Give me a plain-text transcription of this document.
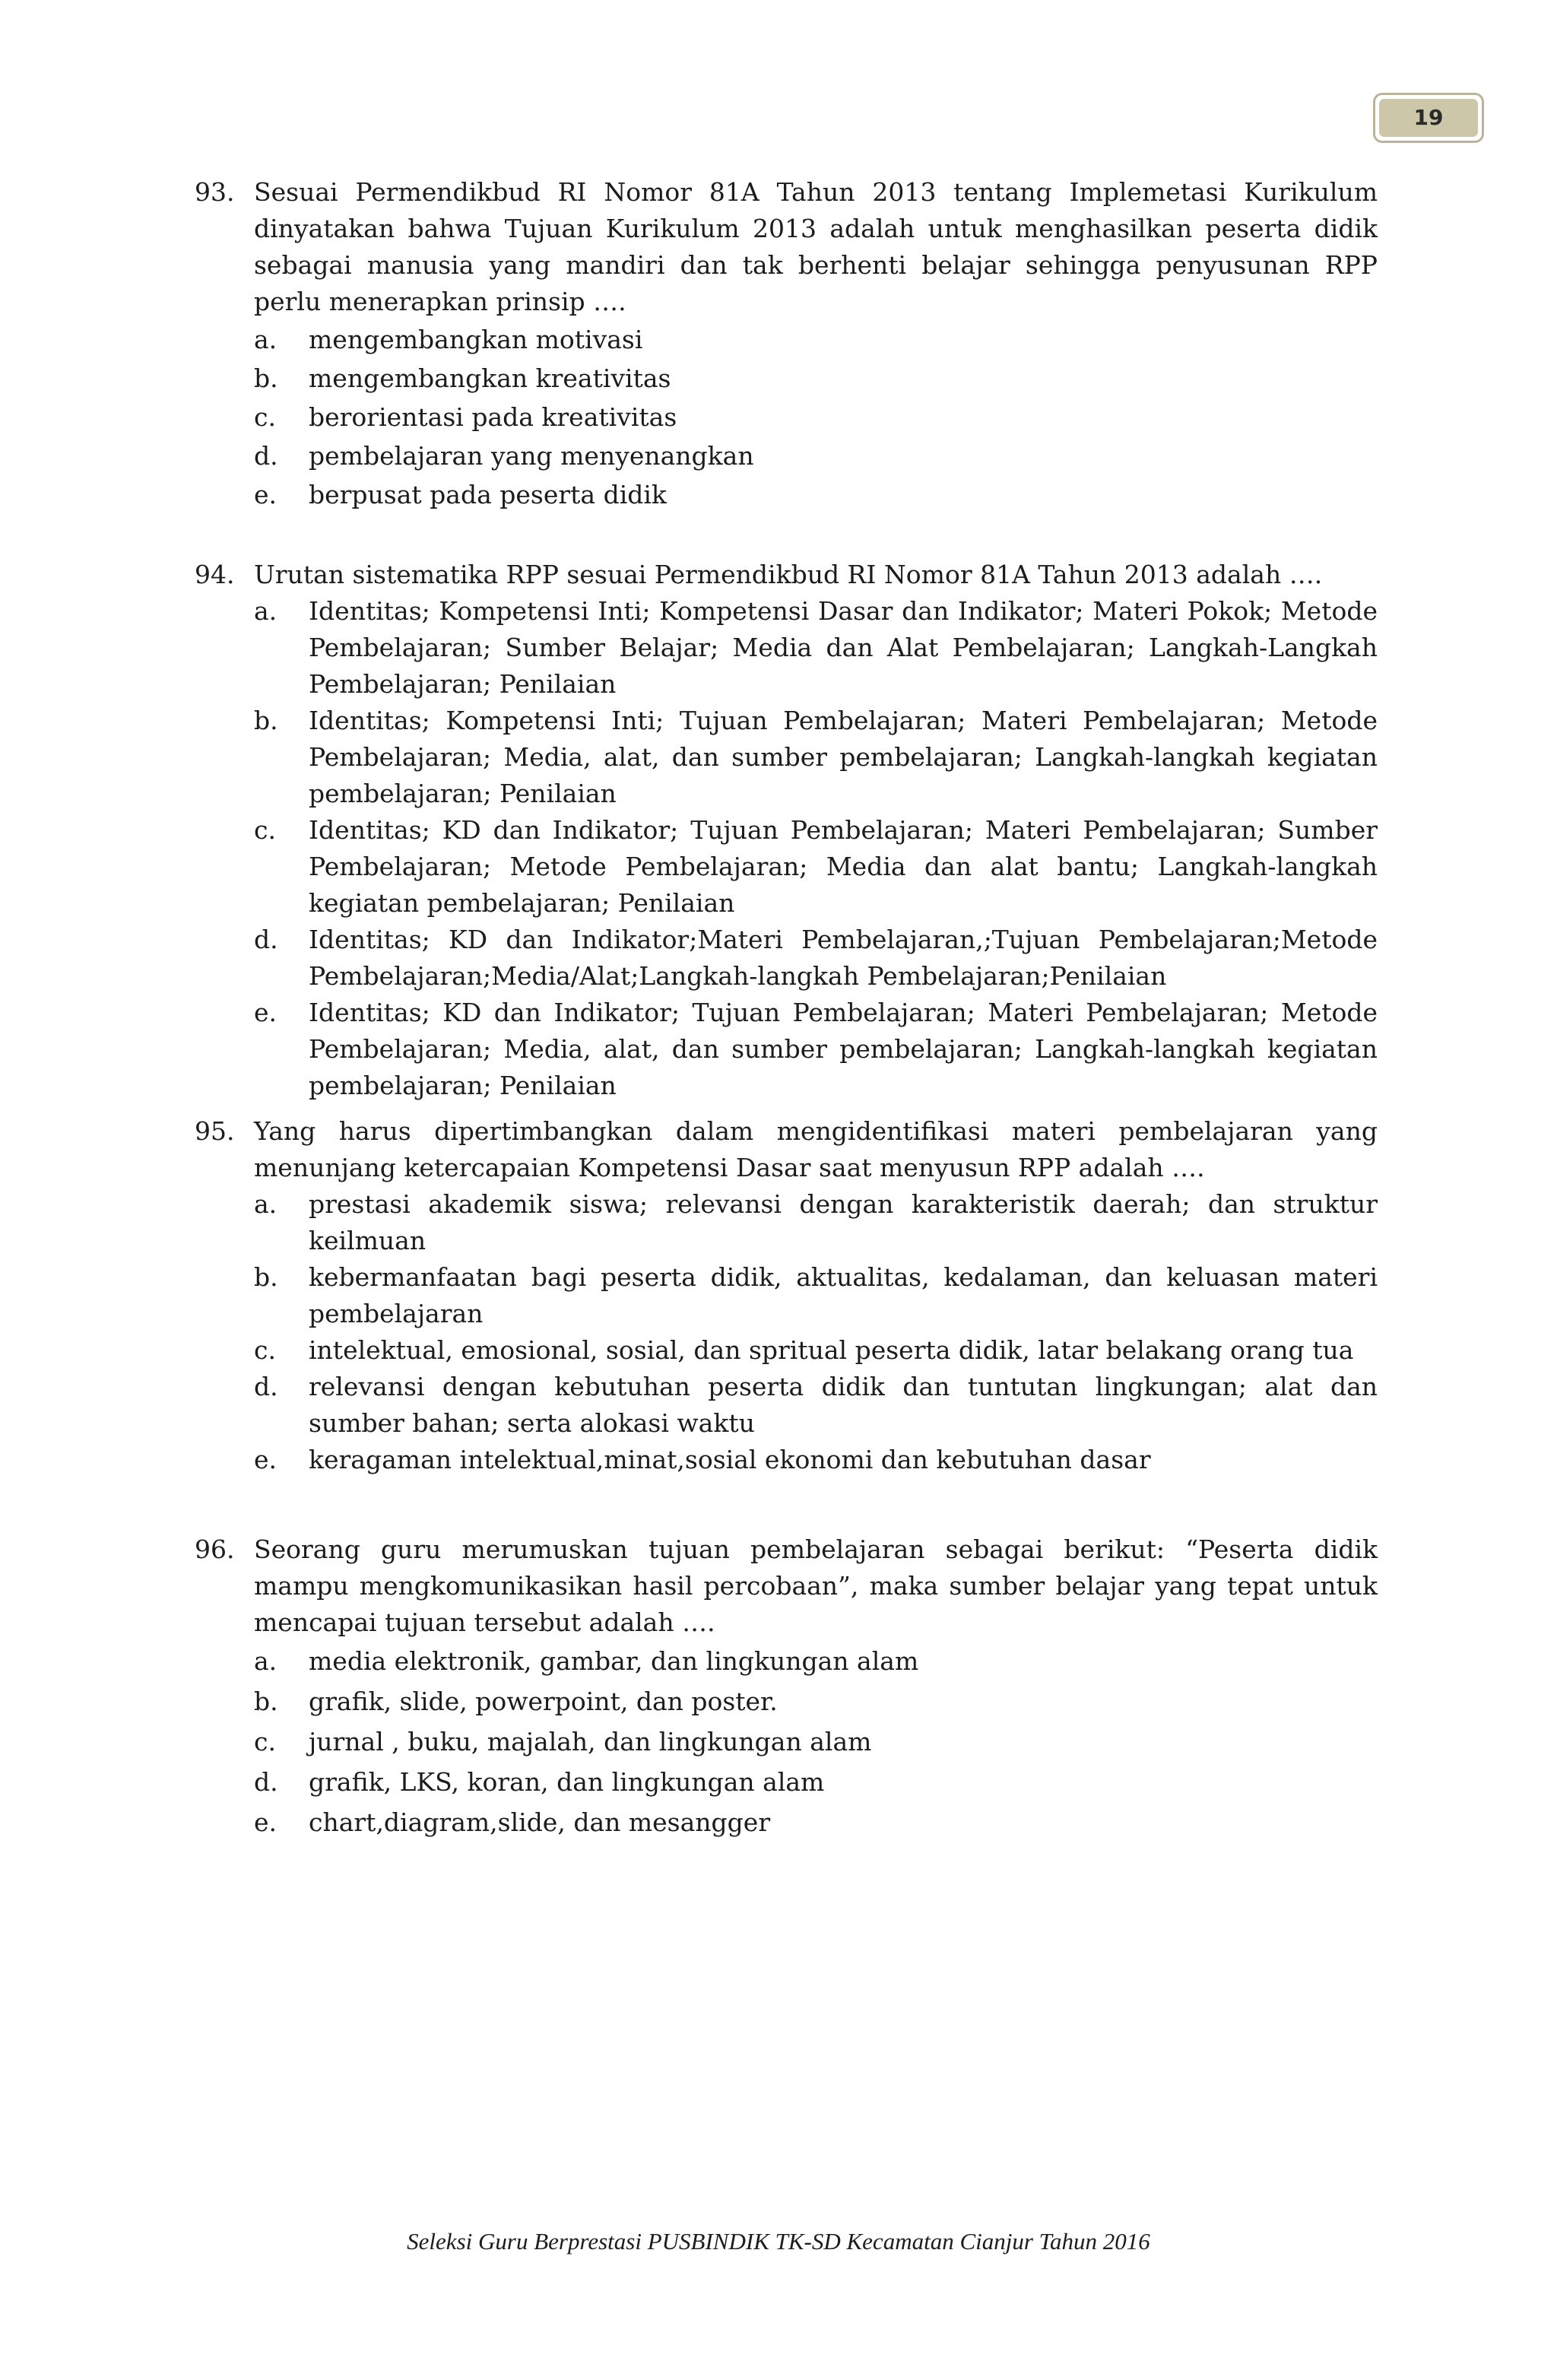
19
93. Sesuai Permendikbud RI Nomor 81A Tahun 2013 tentang Implemetasi Kurikulum dinyatakan bahwa Tujuan Kurikulum 2013 adalah untuk menghasilkan peserta didik sebagai manusia yang mandiri dan tak berhenti belajar sehingga penyusunan RPP perlu menerapkan prinsip ….
a. mengembangkan motivasi
b. mengembangkan kreativitas
c. berorientasi pada kreativitas
d. pembelajaran yang menyenangkan
e. berpusat pada peserta didik
94. Urutan sistematika RPP sesuai Permendikbud RI Nomor 81A Tahun 2013 adalah ….
a. Identitas; Kompetensi Inti; Kompetensi Dasar dan Indikator; Materi Pokok; Metode Pembelajaran; Sumber Belajar; Media dan Alat Pembelajaran; Langkah-Langkah Pembelajaran; Penilaian
b. Identitas; Kompetensi Inti; Tujuan Pembelajaran; Materi Pembelajaran; Metode Pembelajaran; Media, alat, dan sumber pembelajaran; Langkah-langkah kegiatan pembelajaran; Penilaian
c. Identitas; KD dan Indikator; Tujuan Pembelajaran; Materi Pembelajaran; Sumber Pembelajaran; Metode Pembelajaran; Media dan alat bantu; Langkah-langkah kegiatan pembelajaran; Penilaian
d. Identitas; KD dan Indikator;Materi Pembelajaran,;Tujuan Pembelajaran;Metode Pembelajaran;Media/Alat;Langkah-langkah Pembelajaran;Penilaian
e. Identitas; KD dan Indikator; Tujuan Pembelajaran; Materi Pembelajaran; Metode Pembelajaran; Media, alat, dan sumber pembelajaran; Langkah-langkah kegiatan pembelajaran; Penilaian
95. Yang harus dipertimbangkan dalam mengidentifikasi materi pembelajaran yang menunjang ketercapaian Kompetensi Dasar saat menyusun RPP adalah ….
a. prestasi akademik siswa; relevansi dengan karakteristik daerah; dan struktur keilmuan
b. kebermanfaatan bagi peserta didik, aktualitas, kedalaman, dan keluasan materi pembelajaran
c. intelektual, emosional, sosial, dan spritual peserta didik, latar belakang orang tua
d. relevansi dengan kebutuhan peserta didik dan tuntutan lingkungan; alat dan sumber bahan; serta alokasi waktu
e. keragaman intelektual,minat,sosial ekonomi dan kebutuhan dasar
96. Seorang guru merumuskan tujuan pembelajaran sebagai berikut: “Peserta didik mampu mengkomunikasikan hasil percobaan”, maka sumber belajar yang tepat untuk mencapai tujuan tersebut adalah ….
a. media elektronik, gambar, dan lingkungan alam
b. grafik, slide, powerpoint, dan poster.
c. jurnal , buku, majalah, dan lingkungan alam
d. grafik, LKS, koran, dan lingkungan alam
e. chart,diagram,slide, dan mesangger
Seleksi Guru Berprestasi PUSBINDIK TK-SD Kecamatan Cianjur Tahun 2016
